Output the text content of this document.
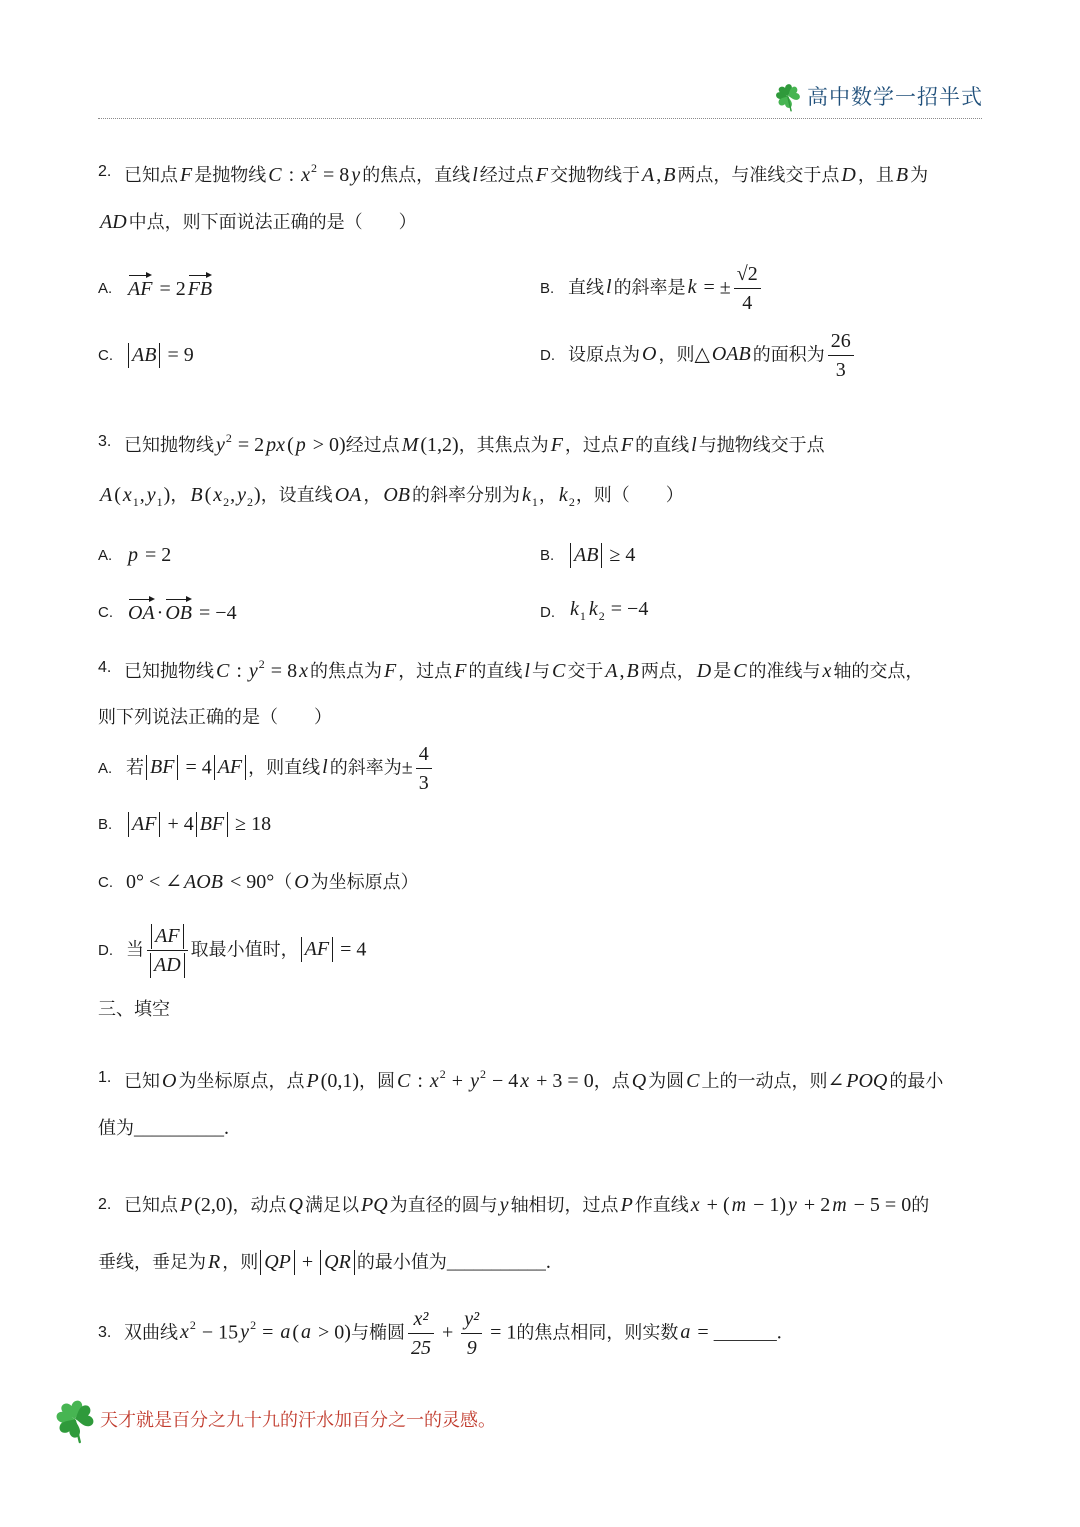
高中数学一招半式
2. 已知点 F 是抛物线 C : $x^2 = 8$ y 的焦点，直线 l 经过点 F 交抛物线于 A , B 两点，与准线交于点 D ，且 B 为
AD 中点，则下面说法正确的是（　　）
A. AF = 2 FB	B. 直线 l 的斜率是 k = ± $\frac{√2}{4}$
C. AB = 9	D. 设原点为 O ，则△ OAB 的面积为 $\frac{26}{3}$
3. 已知抛物线 $y^2 = 2$ px ( p > 0)经过点 M (1,2)，其焦点为 F ，过点 F 的直线 l 与抛物线交于点
A ( $x_1$, $y_1$)， B ( $x_2$, $y_2$)，设直线 OA ， OB 的斜率分别为 $k_1$， $k_2$，则（　　）
A. p = 2	B. AB ≥ 4
C. OA · OB = −4	D. $k_1$ $k_2 = -4$
4. 已知抛物线 C : $y^2 = 8$ x 的焦点为 F ，过点 F 的直线 l 与 C 交于 A , B 两点， D 是 C 的准线与 x 轴的交点，
则下列说法正确的是（　　）
A. 若 BF = 4 AF ，则直线 l 的斜率为± $\frac{4}{3}$
B. AF + 4 BF ≥ 18
C. 0° < ∠ AOB < 90°（ O 为坐标原点）
D. 当 $\frac{AF}{AD}$ 取最小值时， AF = 4
三、填空
1. 已知 O 为坐标原点，点 P (0,1)，圆 C : $x^2 + y^2 - 4$ x + 3 = 0，点 Q 为圆 C 上的一动点，则∠ POQ 的最小
值为__________.
2. 已知点 P (2,0)，动点 Q 满足以 PQ 为直径的圆与 y 轴相切，过点 P 作直线 x + ( m − 1) y + 2 m − 5 = 0的
垂线，垂足为 R ，则 QP + QR 的最小值为___________.
3. 双曲线 $x^2 - 15$ $y^2 = a$ ( a > 0)与椭圆 $\frac{\text{x²}}{25} + \frac{\text{y²}}{9} = 1$的焦点相同，则实数 a = _______.
天才就是百分之九十九的汗水加百分之一的灵感。
